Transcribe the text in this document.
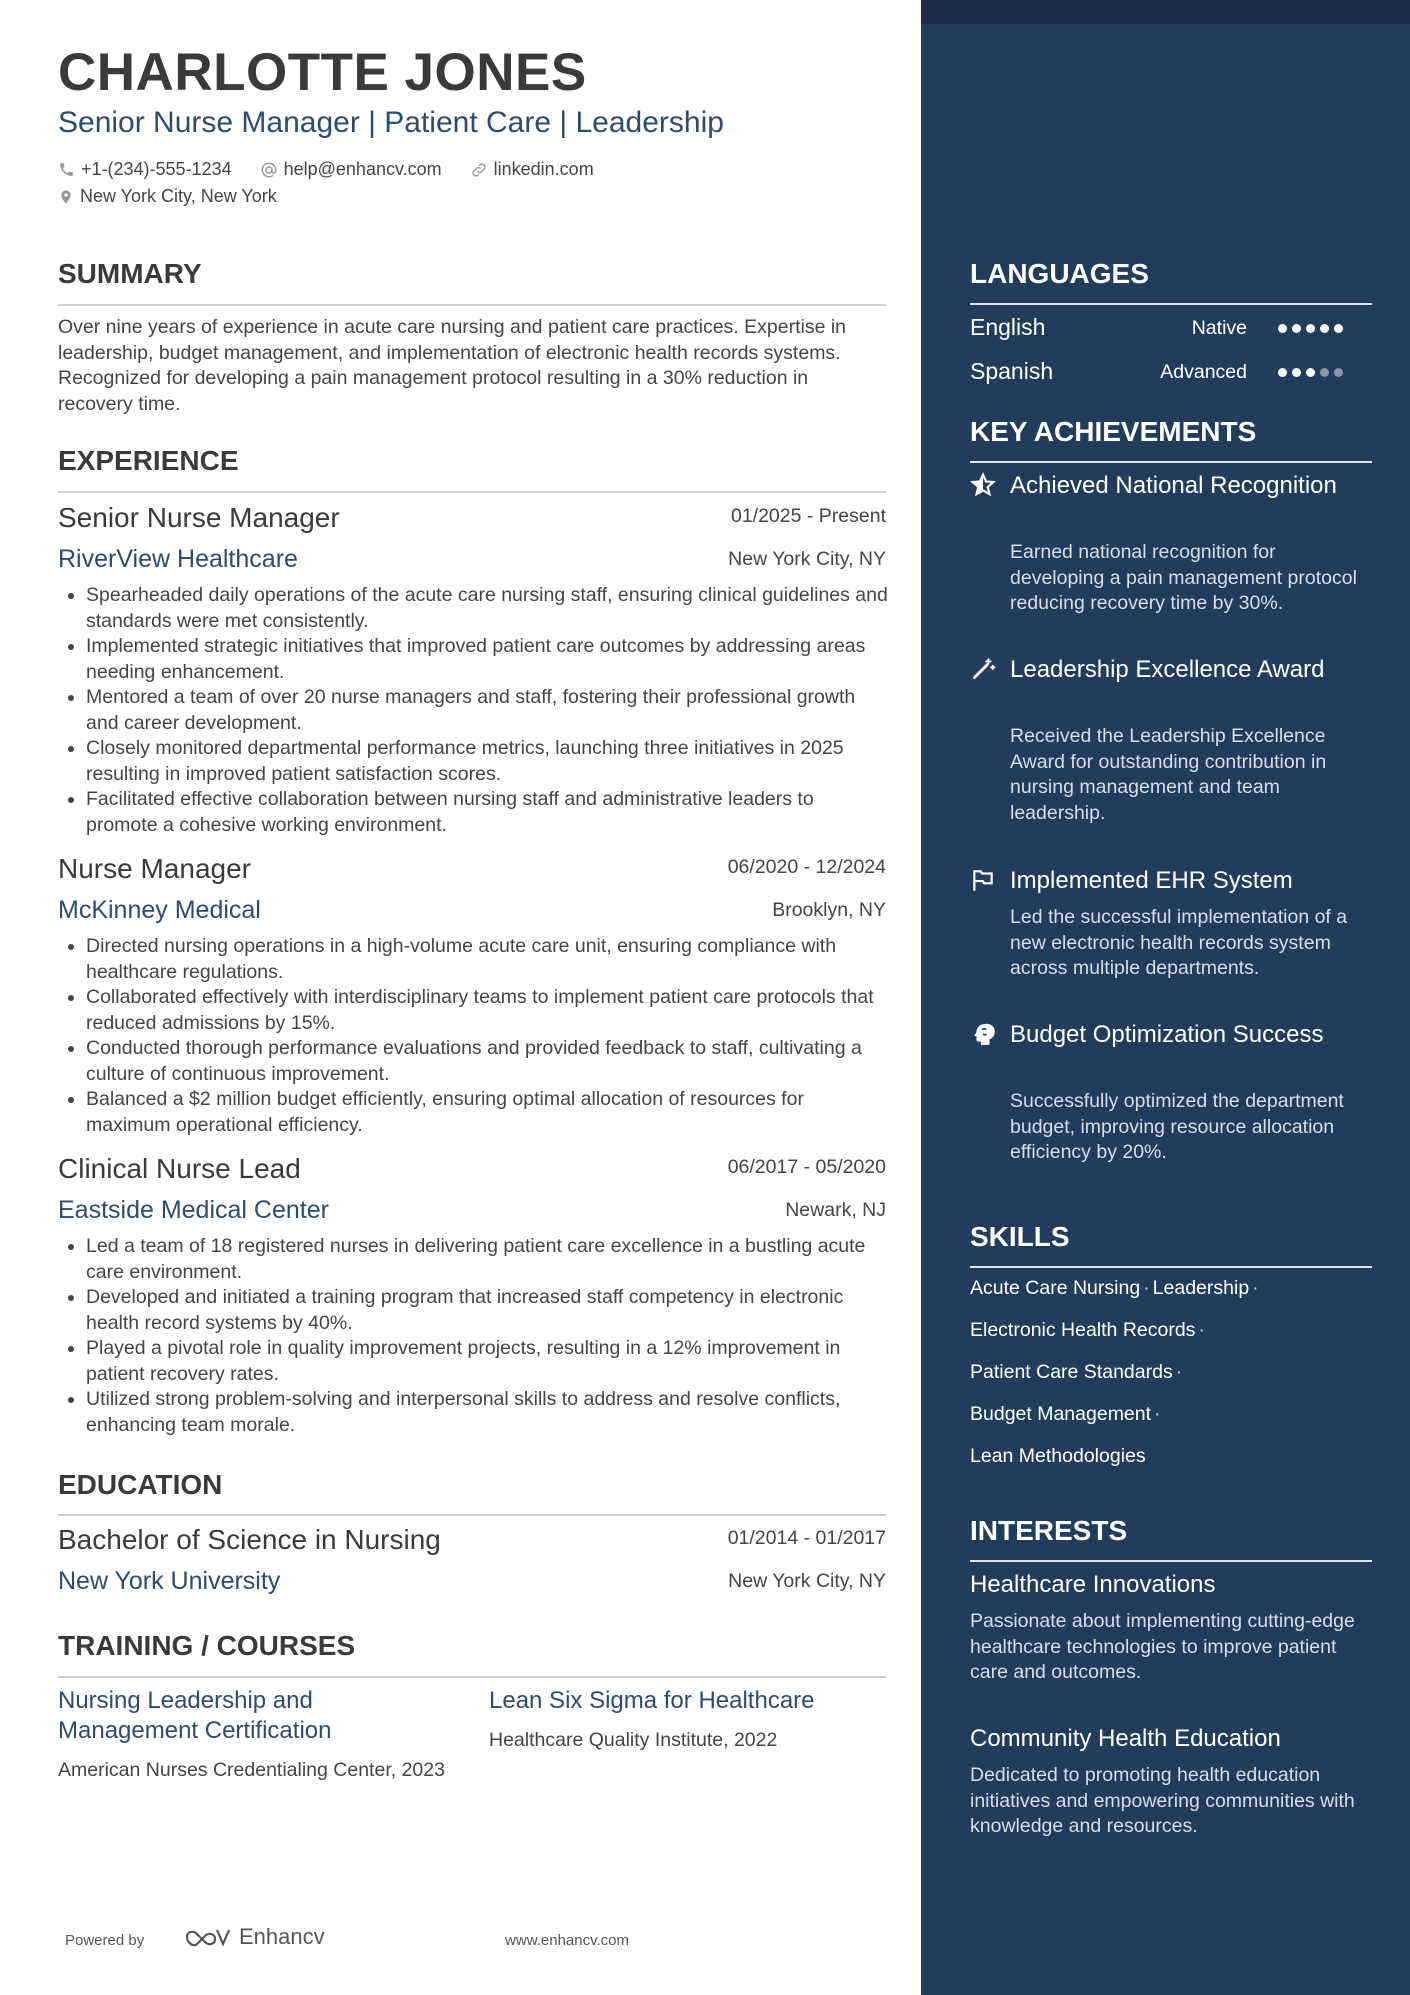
CHARLOTTE JONES
Senior Nurse Manager | Patient Care | Leadership
+1-(234)-555-1234	help@enhancv.com	linkedin.com
New York City, New York
SUMMARY

Over nine years of experience in acute care nursing and patient care practices. Expertise in leadership, budget management, and implementation of electronic health records systems. Recognized for developing a pain management protocol resulting in a 30% reduction in recovery time.

EXPERIENCE
Senior Nurse Manager	01/2025 - Present
RiverView Healthcare	New York City, NY
• Spearheaded daily operations of the acute care nursing staff, ensuring clinical guidelines and standards were met consistently.
• Implemented strategic initiatives that improved patient care outcomes by addressing areas needing enhancement.
• Mentored a team of over 20 nurse managers and staff, fostering their professional growth and career development.
• Closely monitored departmental performance metrics, launching three initiatives in 2025 resulting in improved patient satisfaction scores.
• Facilitated effective collaboration between nursing staff and administrative leaders to promote a cohesive working environment.
Nurse Manager	06/2020 - 12/2024
McKinney Medical	Brooklyn, NY
• Directed nursing operations in a high-volume acute care unit, ensuring compliance with healthcare regulations.
• Collaborated effectively with interdisciplinary teams to implement patient care protocols that reduced admissions by 15%.
• Conducted thorough performance evaluations and provided feedback to staff, cultivating a culture of continuous improvement.
• Balanced a $2 million budget efficiently, ensuring optimal allocation of resources for maximum operational efficiency.
Clinical Nurse Lead	06/2017 - 05/2020
Eastside Medical Center	Newark, NJ
• Led a team of 18 registered nurses in delivering patient care excellence in a bustling acute care environment.
• Developed and initiated a training program that increased staff competency in electronic health record systems by 40%.
• Played a pivotal role in quality improvement projects, resulting in a 12% improvement in patient recovery rates.
• Utilized strong problem-solving and interpersonal skills to address and resolve conflicts, enhancing team morale.
EDUCATION
Bachelor of Science in Nursing	01/2014 - 01/2017
New York University	New York City, NY
TRAINING / COURSES
Nursing Leadership and Management Certification
American Nurses Credentialing Center, 2023
Lean Six Sigma for Healthcare
Healthcare Quality Institute, 2022
Powered by	Enhancv	www.enhancv.com
LANGUAGES
English	Native
Spanish	Advanced
KEY ACHIEVEMENTS
Achieved National Recognition
Earned national recognition for developing a pain management protocol reducing recovery time by 30%.
Leadership Excellence Award
Received the Leadership Excellence Award for outstanding contribution in nursing management and team leadership.
Implemented EHR System
Led the successful implementation of a new electronic health records system across multiple departments.
Budget Optimization Success
Successfully optimized the department budget, improving resource allocation efficiency by 20%.
SKILLS
Acute Care Nursing · Leadership ·
Electronic Health Records ·
Patient Care Standards ·
Budget Management ·
Lean Methodologies
INTERESTS
Healthcare Innovations
Passionate about implementing cutting-edge healthcare technologies to improve patient care and outcomes.
Community Health Education
Dedicated to promoting health education initiatives and empowering communities with knowledge and resources.
